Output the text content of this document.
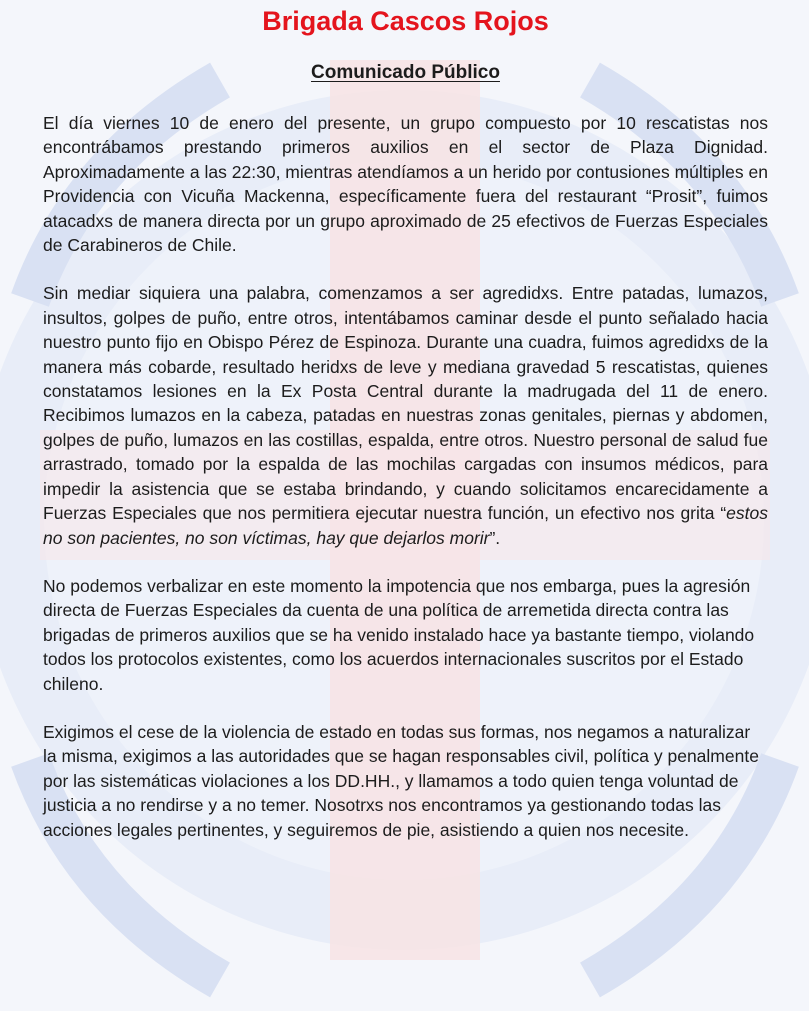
Brigada Cascos Rojos
Comunicado Público

El día viernes 10 de enero del presente, un grupo compuesto por 10 rescatistas nos encontrábamos prestando primeros auxilios en el sector de Plaza Dignidad. Aproximadamente a las 22:30, mientras atendíamos a un herido por contusiones múltiples en Providencia con Vicuña Mackenna, específicamente fuera del restaurant “Prosit”, fuimos atacadxs de manera directa por un grupo aproximado de 25 efectivos de Fuerzas Especiales de Carabineros de Chile.

Sin mediar siquiera una palabra, comenzamos a ser agredidxs. Entre patadas, lumazos, insultos, golpes de puño, entre otros, intentábamos caminar desde el punto señalado hacia nuestro punto fijo en Obispo Pérez de Espinoza. Durante una cuadra, fuimos agredidxs de la manera más cobarde, resultado heridxs de leve y mediana gravedad 5 rescatistas, quienes constatamos lesiones en la Ex Posta Central durante la madrugada del 11 de enero. Recibimos lumazos en la cabeza, patadas en nuestras zonas genitales, piernas y abdomen, golpes de puño, lumazos en las costillas, espalda, entre otros. Nuestro personal de salud fue arrastrado, tomado por la espalda de las mochilas cargadas con insumos médicos, para impedir la asistencia que se estaba brindando, y cuando solicitamos encarecidamente a Fuerzas Especiales que nos permitiera ejecutar nuestra función, un efectivo nos grita “estos no son pacientes, no son víctimas, hay que dejarlos morir”.

No podemos verbalizar en este momento la impotencia que nos embarga, pues la agresión directa de Fuerzas Especiales da cuenta de una política de arremetida directa contra las brigadas de primeros auxilios que se ha venido instalado hace ya bastante tiempo, violando todos los protocolos existentes, como los acuerdos internacionales suscritos por el Estado chileno.

Exigimos el cese de la violencia de estado en todas sus formas, nos negamos a naturalizar la misma, exigimos a las autoridades que se hagan responsables civil, política y penalmente por las sistemáticas violaciones a los DD.HH., y llamamos a todo quien tenga voluntad de justicia a no rendirse y a no temer. Nosotrxs nos encontramos ya gestionando todas las acciones legales pertinentes, y seguiremos de pie, asistiendo a quien nos necesite.
